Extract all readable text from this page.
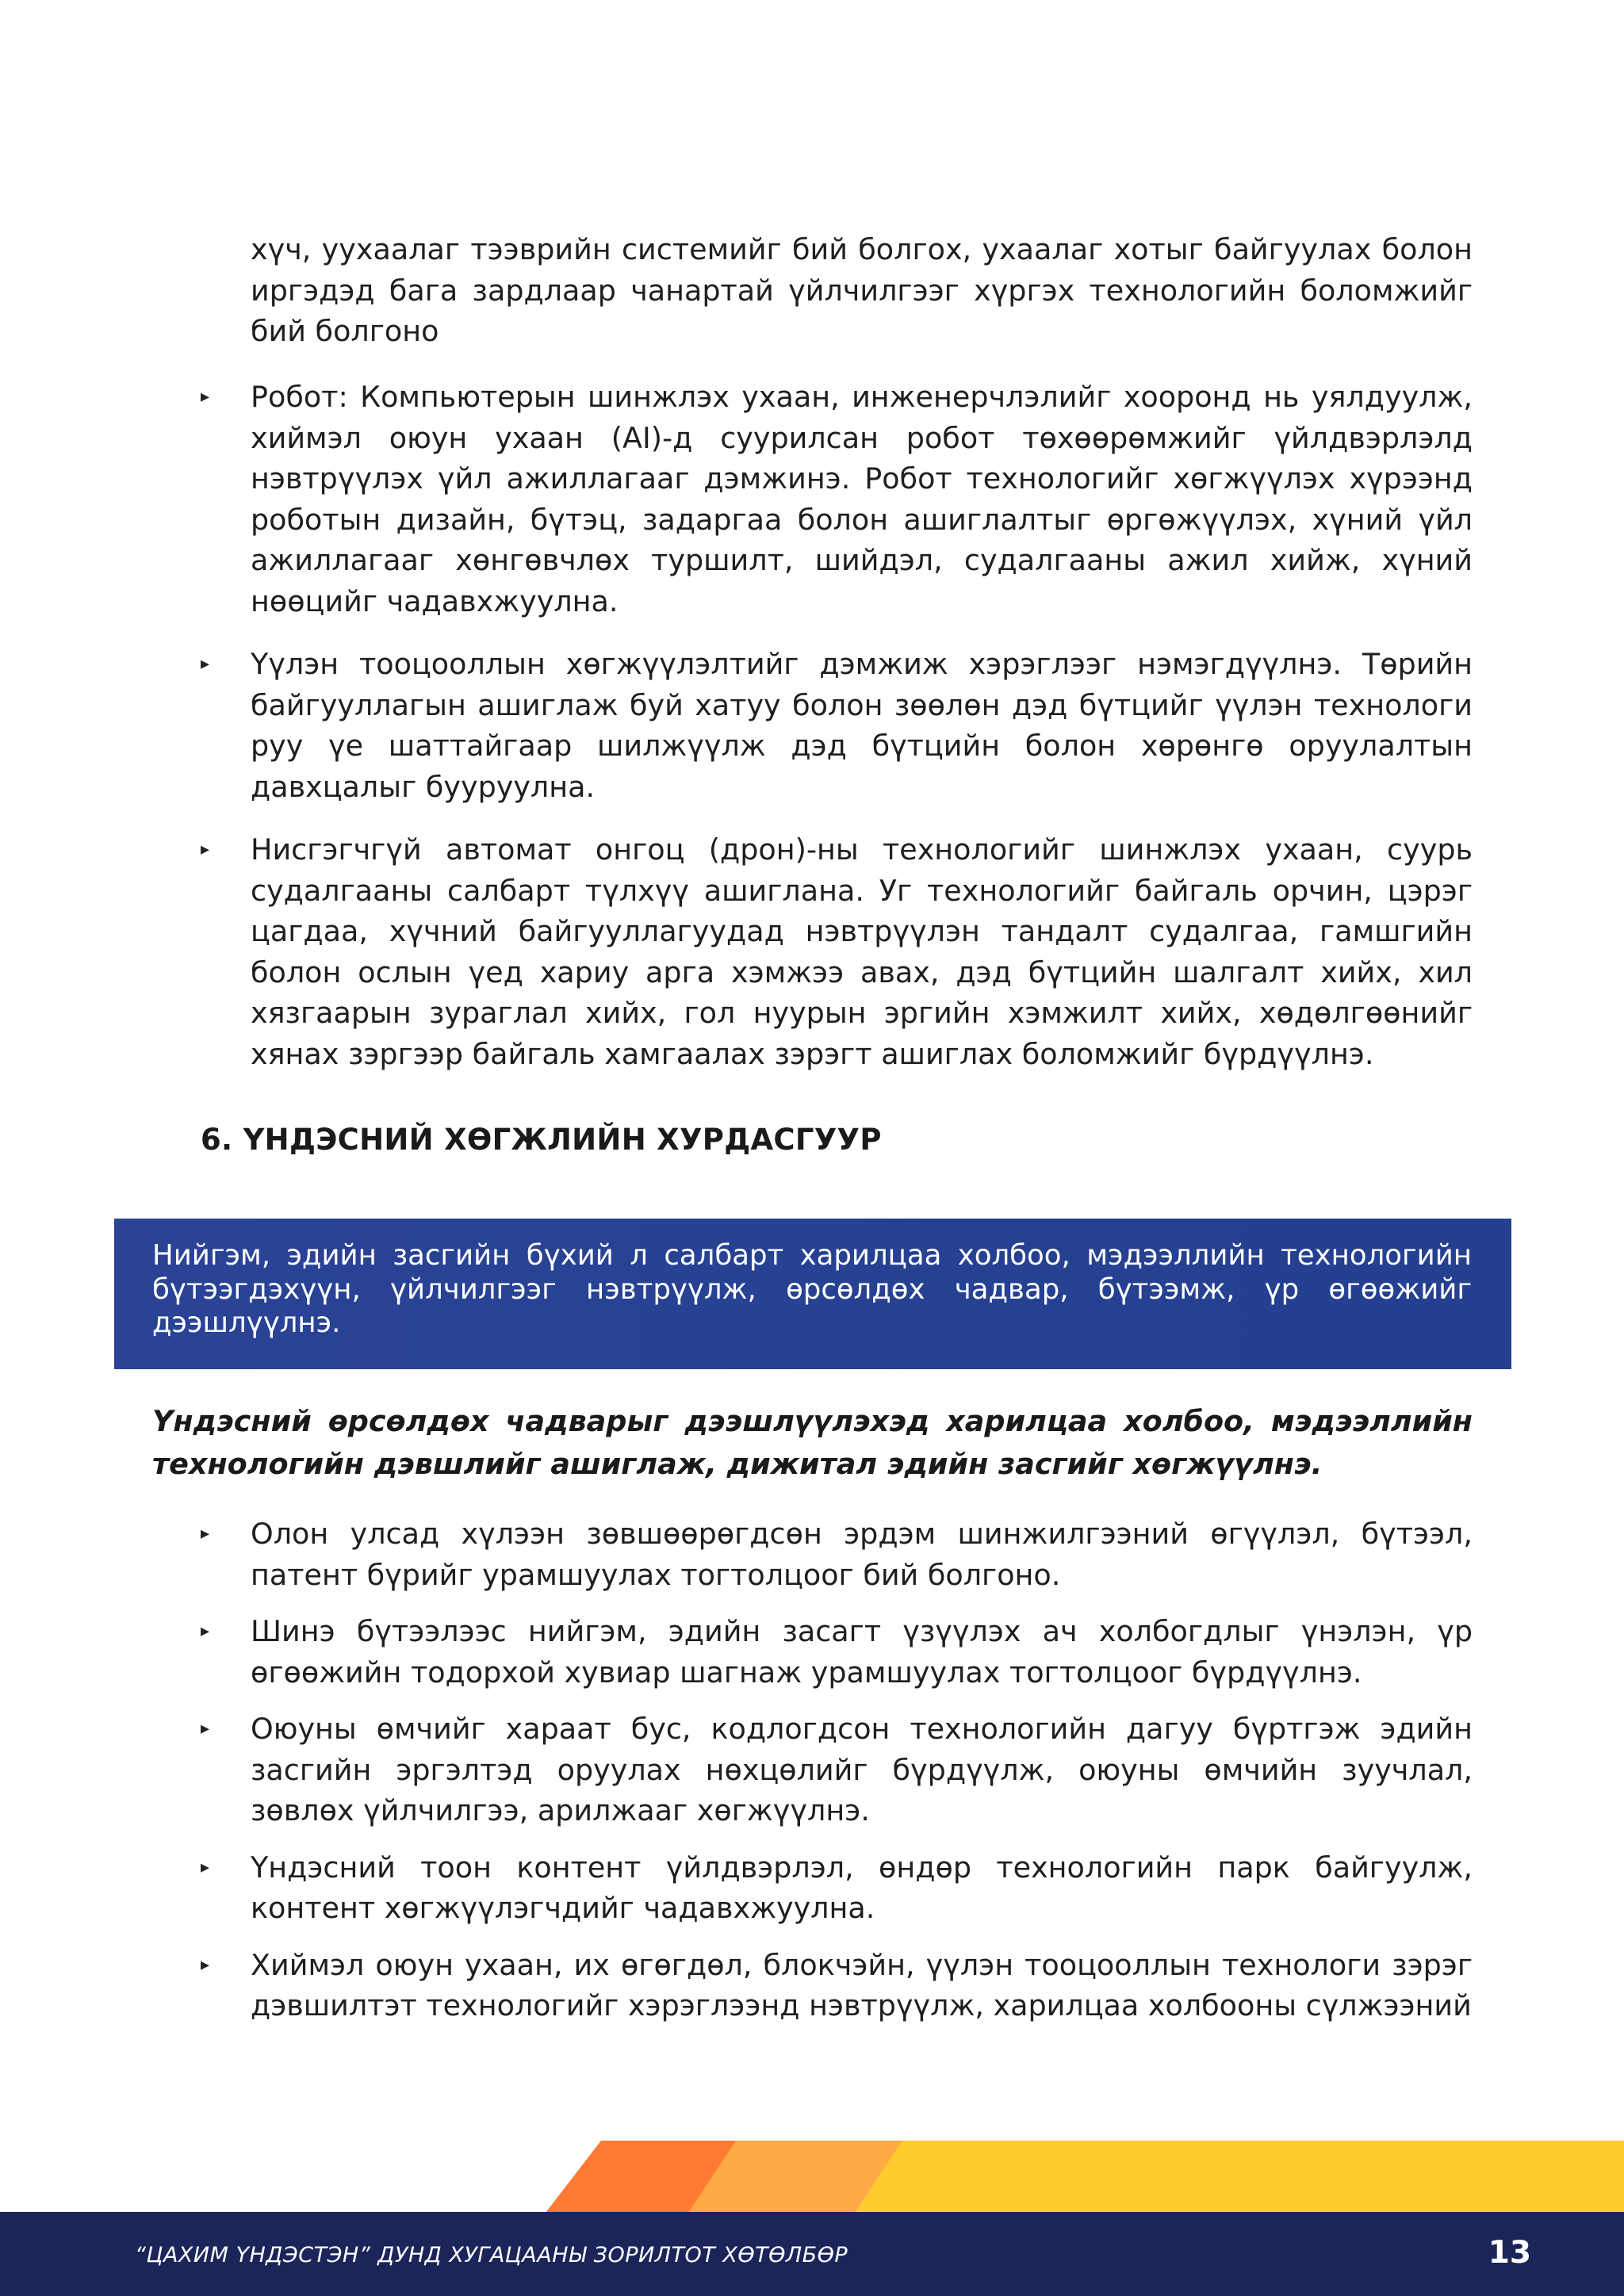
хүч, уухаалаг тээврийн системийг бий болгох, ухаалаг хотыг байгуулах болон иргэдэд бага зардлаар чанартай үйлчилгээг хүргэх технологийн боломжийг бий болгоно
▸ Робот: Компьютерын шинжлэх ухаан, инженерчлэлийг хооронд нь уялдуулж, хиймэл оюун ухаан (AI)-д суурилсан робот төхөөрөмжийг үйлдвэрлэлд нэвтрүүлэх үйл ажиллагааг дэмжинэ. Робот технологийг хөгжүүлэх хүрээнд роботын дизайн, бүтэц, задаргаа болон ашиглалтыг өргөжүүлэх, хүний үйл ажиллагааг хөнгөвчлөх туршилт, шийдэл, судалгааны ажил хийж, хүний нөөцийг чадавхжуулна.
▸ Үүлэн тооцооллын хөгжүүлэлтийг дэмжиж хэрэглээг нэмэгдүүлнэ. Төрийн байгууллагын ашиглаж буй хатуу болон зөөлөн дэд бүтцийг үүлэн технологи руу үе шаттайгаар шилжүүлж дэд бүтцийн болон хөрөнгө оруулалтын давхцалыг бууруулна.
▸ Нисгэгчгүй автомат онгоц (дрон)-ны технологийг шинжлэх ухаан, суурь судалгааны салбарт түлхүү ашиглана. Уг технологийг байгаль орчин, цэрэг цагдаа, хүчний байгууллагуудад нэвтрүүлэн тандалт судалгаа, гамшгийн болон ослын үед хариу арга хэмжээ авах, дэд бүтцийн шалгалт хийх, хил хязгаарын зураглал хийх, гол нуурын эргийн хэмжилт хийх, хөдөлгөөнийг хянах зэргээр байгаль хамгаалах зэрэгт ашиглах боломжийг бүрдүүлнэ.
6. ҮНДЭСНИЙ ХӨГЖЛИЙН ХУРДАСГУУР
Нийгэм, эдийн засгийн бүхий л салбарт харилцаа холбоо, мэдээллийн технологийн бүтээгдэхүүн, үйлчилгээг нэвтрүүлж, өрсөлдөх чадвар, бүтээмж, үр өгөөжийг дээшлүүлнэ.

Үндэсний өрсөлдөх чадварыг дээшлүүлэхэд харилцаа холбоо, мэдээллийн технологийн дэвшлийг ашиглаж, дижитал эдийн засгийг хөгжүүлнэ.

▸ Олон улсад хүлээн зөвшөөрөгдсөн эрдэм шинжилгээний өгүүлэл, бүтээл, патент бүрийг урамшуулах тогтолцоог бий болгоно.
▸ Шинэ бүтээлээс нийгэм, эдийн засагт үзүүлэх ач холбогдлыг үнэлэн, үр өгөөжийн тодорхой хувиар шагнаж урамшуулах тогтолцоог бүрдүүлнэ.
▸ Оюуны өмчийг хараат бус, кодлогдсон технологийн дагуу бүртгэж эдийн засгийн эргэлтэд оруулах нөхцөлийг бүрдүүлж, оюуны өмчийн зуучлал, зөвлөх үйлчилгээ, арилжааг хөгжүүлнэ.
▸ Үндэсний тоон контент үйлдвэрлэл, өндөр технологийн парк байгуулж, контент хөгжүүлэгчдийг чадавхжуулна.
▸ Хиймэл оюун ухаан, их өгөгдөл, блокчэйн, үүлэн тооцооллын технологи зэрэг дэвшилтэт технологийг хэрэглээнд нэвтрүүлж, харилцаа холбооны сүлжээний
“ЦАХИМ ҮНДЭСТЭН” ДУНД ХУГАЦААНЫ ЗОРИЛТОТ ХӨТӨЛБӨР	13
